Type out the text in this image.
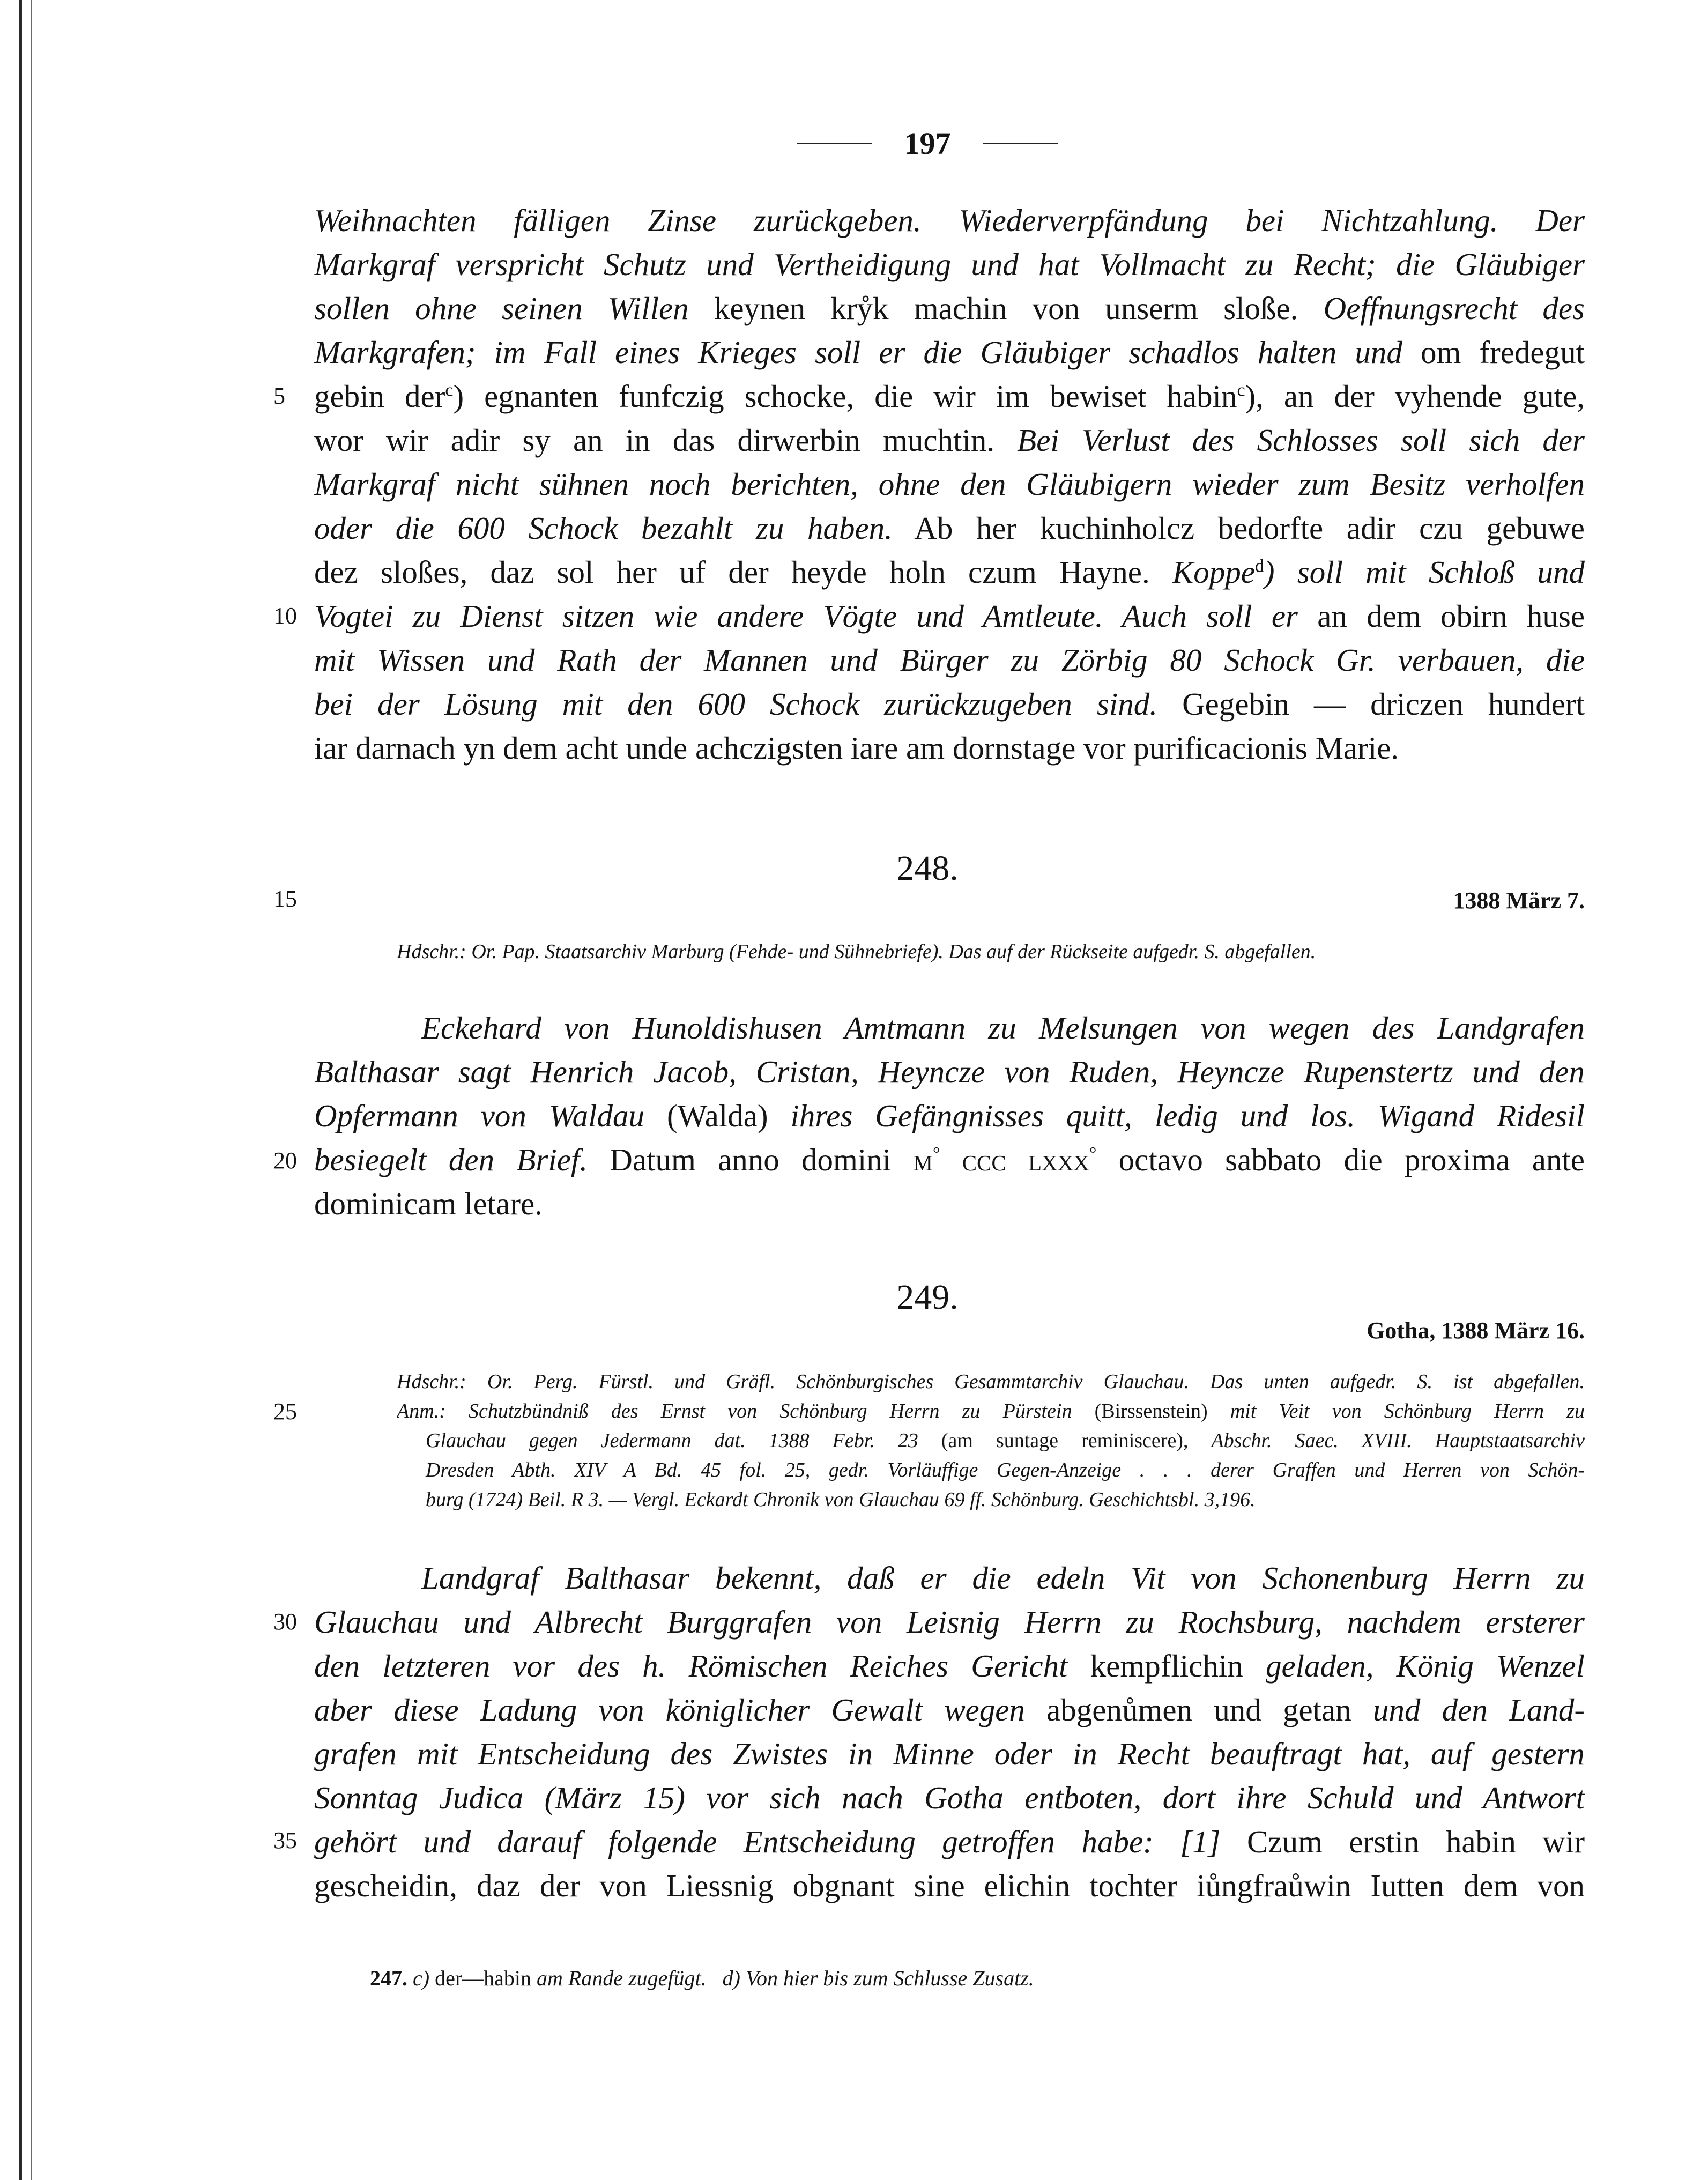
197
Weihnachten fälligen Zinse zurückgeben. Wiederverpfändung bei Nichtzahlung. Der
Markgraf verspricht Schutz und Vertheidigung und hat Vollmacht zu Recht; die Gläubiger
sollen ohne seinen Willen keynen krẙk machin von unserm sloße. Oeffnungsrecht des
Markgrafen; im Fall eines Krieges soll er die Gläubiger schadlos halten und om fredegut
gebin der$^c$) egnanten funfczig schocke, die wir im bewiset habin$^c$), an der vyhende gute,
wor wir adir sy an in das dirwerbin muchtin. Bei Verlust des Schlosses soll sich der
Markgraf nicht sühnen noch berichten, ohne den Gläubigern wieder zum Besitz verholfen
oder die 600 Schock bezahlt zu haben. Ab her kuchinholcz bedorfte adir czu gebuwe
dez sloßes, daz sol her uf der heyde holn czum Hayne. Koppe$^d$) soll mit Schloß und
Vogtei zu Dienst sitzen wie andere Vögte und Amtleute. Auch soll er an dem obirn huse
mit Wissen und Rath der Mannen und Bürger zu Zörbig 80 Schock Gr. verbauen, die
bei der Lösung mit den 600 Schock zurückzugeben sind. Gegebin — driczen hundert
iar darnach yn dem acht unde achczigsten iare am dornstage vor purificacionis Marie.
5
10
15
20
25
30
35
248.
1388 März 7.
Hdschr.: Or. Pap. Staatsarchiv Marburg (Fehde- und Sühnebriefe). Das auf der Rückseite aufgedr. S. abgefallen.
Eckehard von Hunoldishusen Amtmann zu Melsungen von wegen des Landgrafen
Balthasar sagt Henrich Jacob, Cristan, Heyncze von Ruden, Heyncze Rupenstertz und den
Opfermann von Waldau (Walda) ihres Gefängnisses quitt, ledig und los. Wigand Ridesil
besiegelt den Brief. Datum anno domini m° ccc lxxx° octavo sabbato die proxima ante
dominicam letare.
249.
Gotha, 1388 März 16.
Hdschr.: Or. Perg. Fürstl. und Gräfl. Schönburgisches Gesammtarchiv Glauchau. Das unten aufgedr. S. ist abgefallen.
Anm.: Schutzbündniß des Ernst von Schönburg Herrn zu Pürstein (Birssenstein) mit Veit von Schönburg Herrn zu
Glauchau gegen Jedermann dat. 1388 Febr. 23 (am suntage reminiscere), Abschr. Saec. XVIII. Hauptstaatsarchiv
Dresden Abth. XIV A Bd. 45 fol. 25, gedr. Vorläuffige Gegen-Anzeige . . . derer Graffen und Herren von Schön-
burg (1724) Beil. R 3. — Vergl. Eckardt Chronik von Glauchau 69 ff. Schönburg. Geschichtsbl. 3,196.
Landgraf Balthasar bekennt, daß er die edeln Vit von Schonenburg Herrn zu
Glauchau und Albrecht Burggrafen von Leisnig Herrn zu Rochsburg, nachdem ersterer
den letzteren vor des h. Römischen Reiches Gericht kempflichin geladen, König Wenzel
aber diese Ladung von königlicher Gewalt wegen abgenůmen und getan und den Land-
grafen mit Entscheidung des Zwistes in Minne oder in Recht beauftragt hat, auf gestern
Sonntag Judica (März 15) vor sich nach Gotha entboten, dort ihre Schuld und Antwort
gehört und darauf folgende Entscheidung getroffen habe: [1] Czum erstin habin wir
gescheidin, daz der von Liessnig obgnant sine elichin tochter iůngfraůwin Iutten dem von
247. c) der—habin am Rande zugefügt. d) Von hier bis zum Schlusse Zusatz.
